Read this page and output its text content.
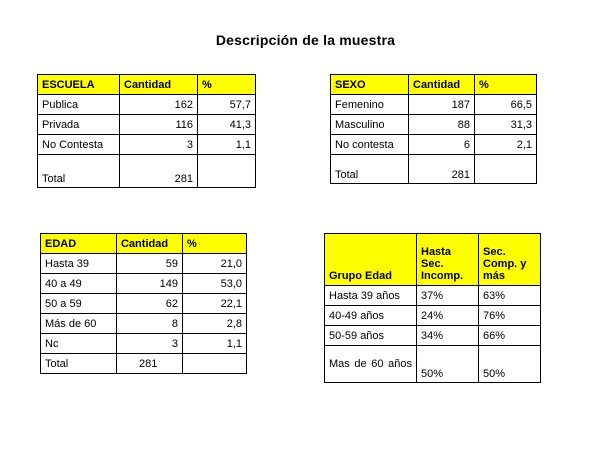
Descripción de la muestra
ESCUELA	Cantidad	%
Publica	162	57,7
Privada	116	41,3
No Contesta	3	1,1
Total	281	
SEXO	Cantidad	%
Femenino	187	66,5
Masculino	88	31,3
No contesta	6	2,1
Total	281	
EDAD	Cantidad	%
Hasta 39	59	21,0
40 a 49	149	53,0
50 a 59	62	22,1
Más de 60	8	2,8
Nc	3	1,1
Total	281	
Grupo Edad	Hasta Sec. Incomp.	Sec. Comp. y más
Hasta 39 años	37%	63%
40-49 años	24%	76%
50-59 años	34%	66%
Mas de 60 años	50%	50%
